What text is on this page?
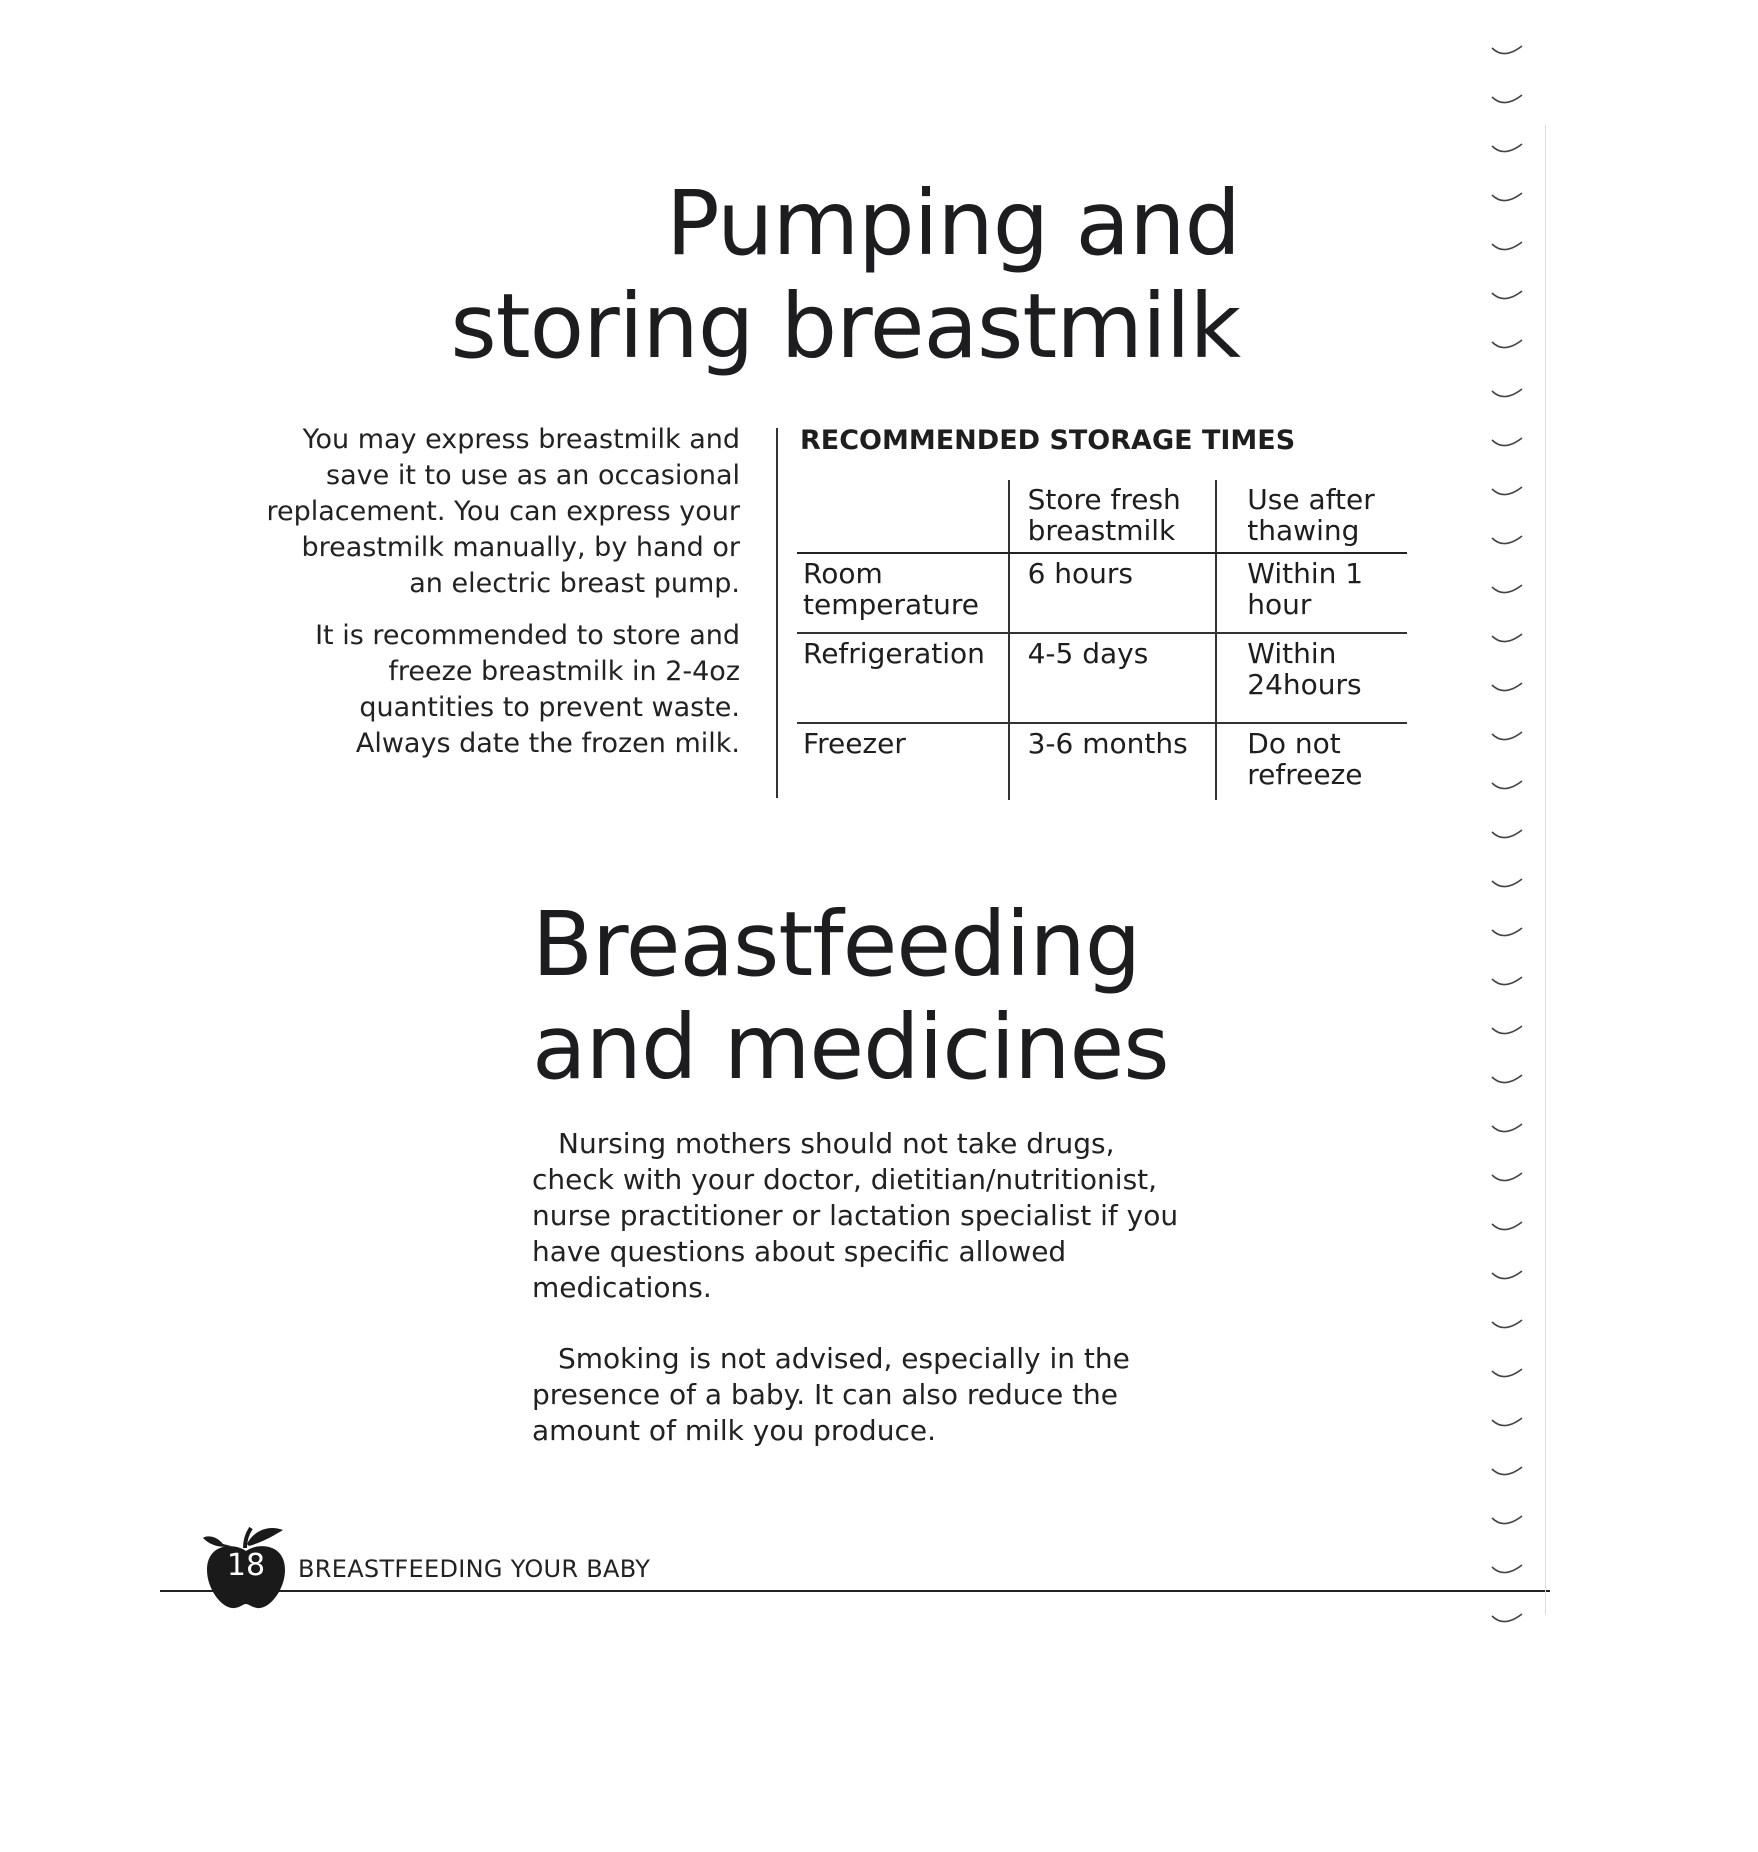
Pumping and
storing breastmilk

You may express breastmilk and save it to use as an occasional replacement. You can express your breastmilk manually, by hand or an electric breast pump.

It is recommended to store and freeze breastmilk in 2-4oz quantities to prevent waste. Always date the frozen milk.

RECOMMENDED STORAGE TIMES
	Store fresh breastmilk	Use after thawing
Room temperature	6 hours	Within 1 hour
Refrigeration	4-5 days	Within 24hours
Freezer	3-6 months	Do not refreeze
Breastfeeding
and medicines

Nursing mothers should not take drugs, check with your doctor, dietitian/nutritionist, nurse practitioner or lactation specialist if you have questions about specific allowed medications.

Smoking is not advised, especially in the presence of a baby. It can also reduce the amount of milk you produce.

18 BREASTFEEDING YOUR BABY
